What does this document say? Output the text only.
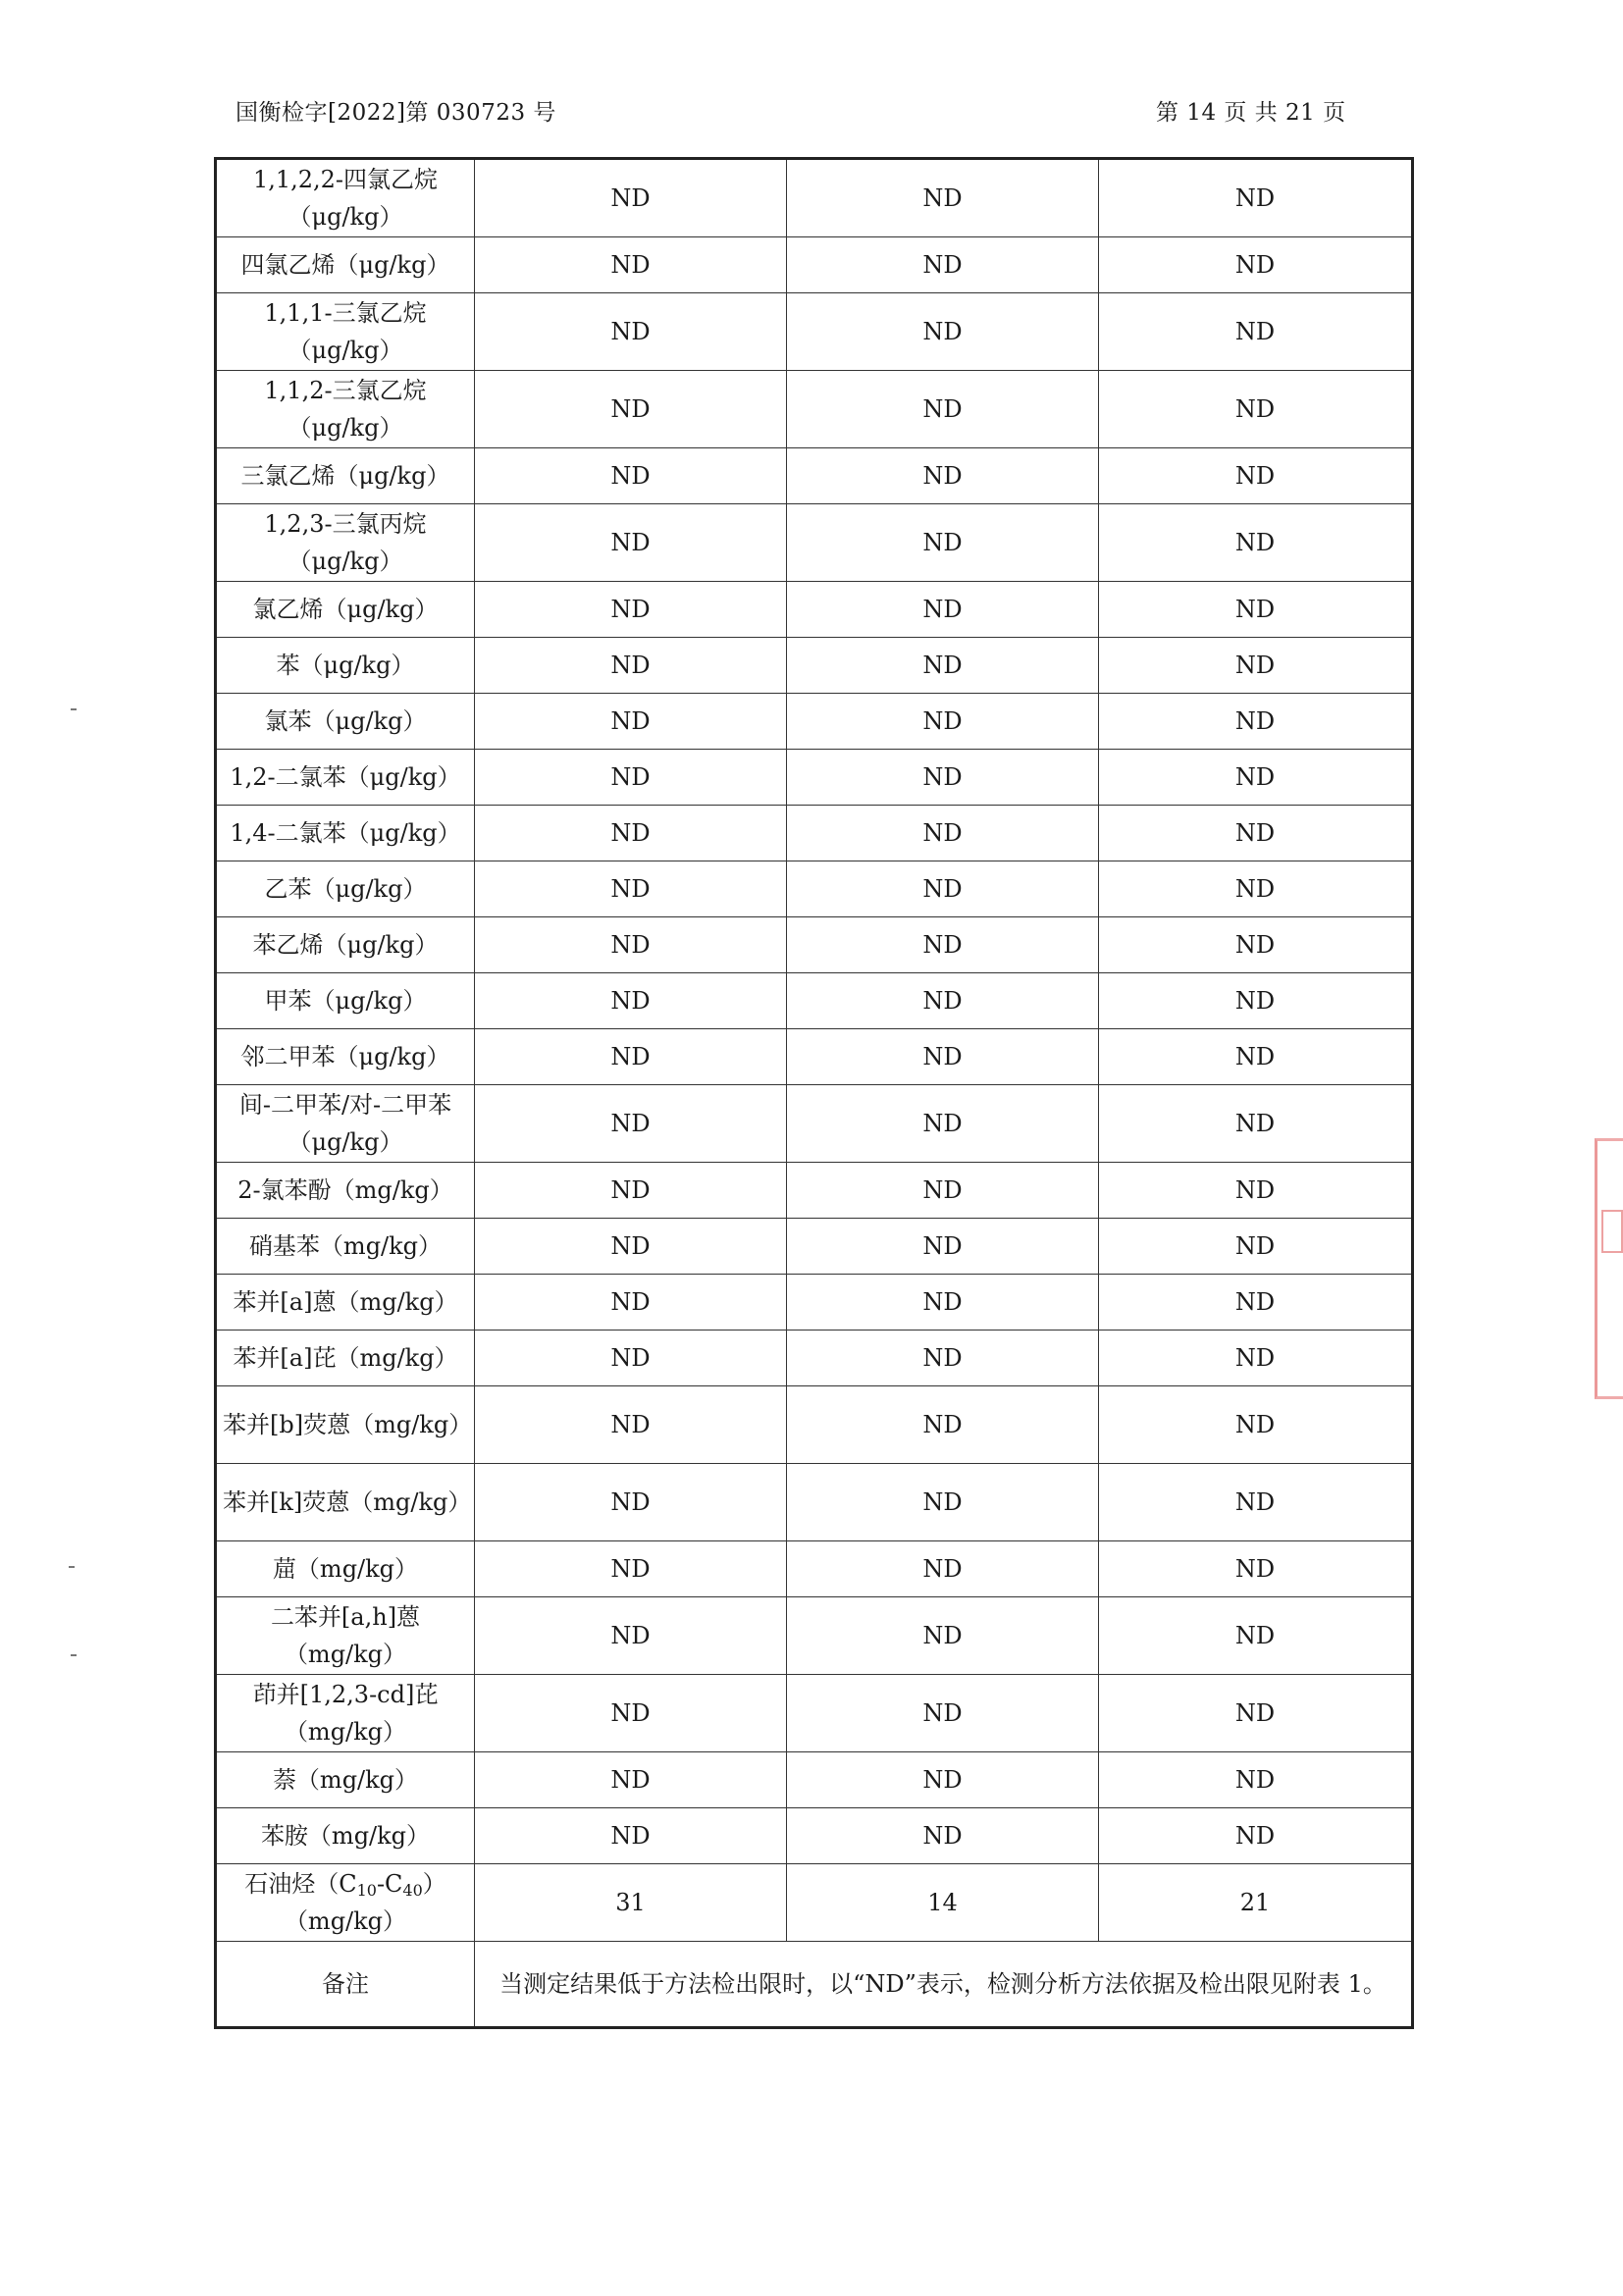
国衡检字[2022]第 030723 号	第 14 页 共 21 页
1,1,2,2-四氯乙烷（μg/kg）	ND	ND	ND
四氯乙烯（μg/kg）	ND	ND	ND
1,1,1-三氯乙烷（μg/kg）	ND	ND	ND
1,1,2-三氯乙烷（μg/kg）	ND	ND	ND
三氯乙烯（μg/kg）	ND	ND	ND
1,2,3-三氯丙烷（μg/kg）	ND	ND	ND
氯乙烯（μg/kg）	ND	ND	ND
苯（μg/kg）	ND	ND	ND
氯苯（μg/kg）	ND	ND	ND
1,2-二氯苯（μg/kg）	ND	ND	ND
1,4-二氯苯（μg/kg）	ND	ND	ND
乙苯（μg/kg）	ND	ND	ND
苯乙烯（μg/kg）	ND	ND	ND
甲苯（μg/kg）	ND	ND	ND
邻二甲苯（μg/kg）	ND	ND	ND
间-二甲苯/对-二甲苯（μg/kg）	ND	ND	ND
2-氯苯酚（mg/kg）	ND	ND	ND
硝基苯（mg/kg）	ND	ND	ND
苯并[a]蒽（mg/kg）	ND	ND	ND
苯并[a]芘（mg/kg）	ND	ND	ND
苯并[b]荧蒽（mg/kg）	ND	ND	ND
苯并[k]荧蒽（mg/kg）	ND	ND	ND
䓛（mg/kg）	ND	ND	ND
二苯并[a,h]蒽（mg/kg）	ND	ND	ND
茚并[1,2,3-cd]芘（mg/kg）	ND	ND	ND
萘（mg/kg）	ND	ND	ND
苯胺（mg/kg）	ND	ND	ND
石油烃$(C_{10}-C_{40})(mg/kg)$	31	14	21
备注	当测定结果低于方法检出限时，以“ND”表示，检测分析方法依据及检出限见附表 1。		
